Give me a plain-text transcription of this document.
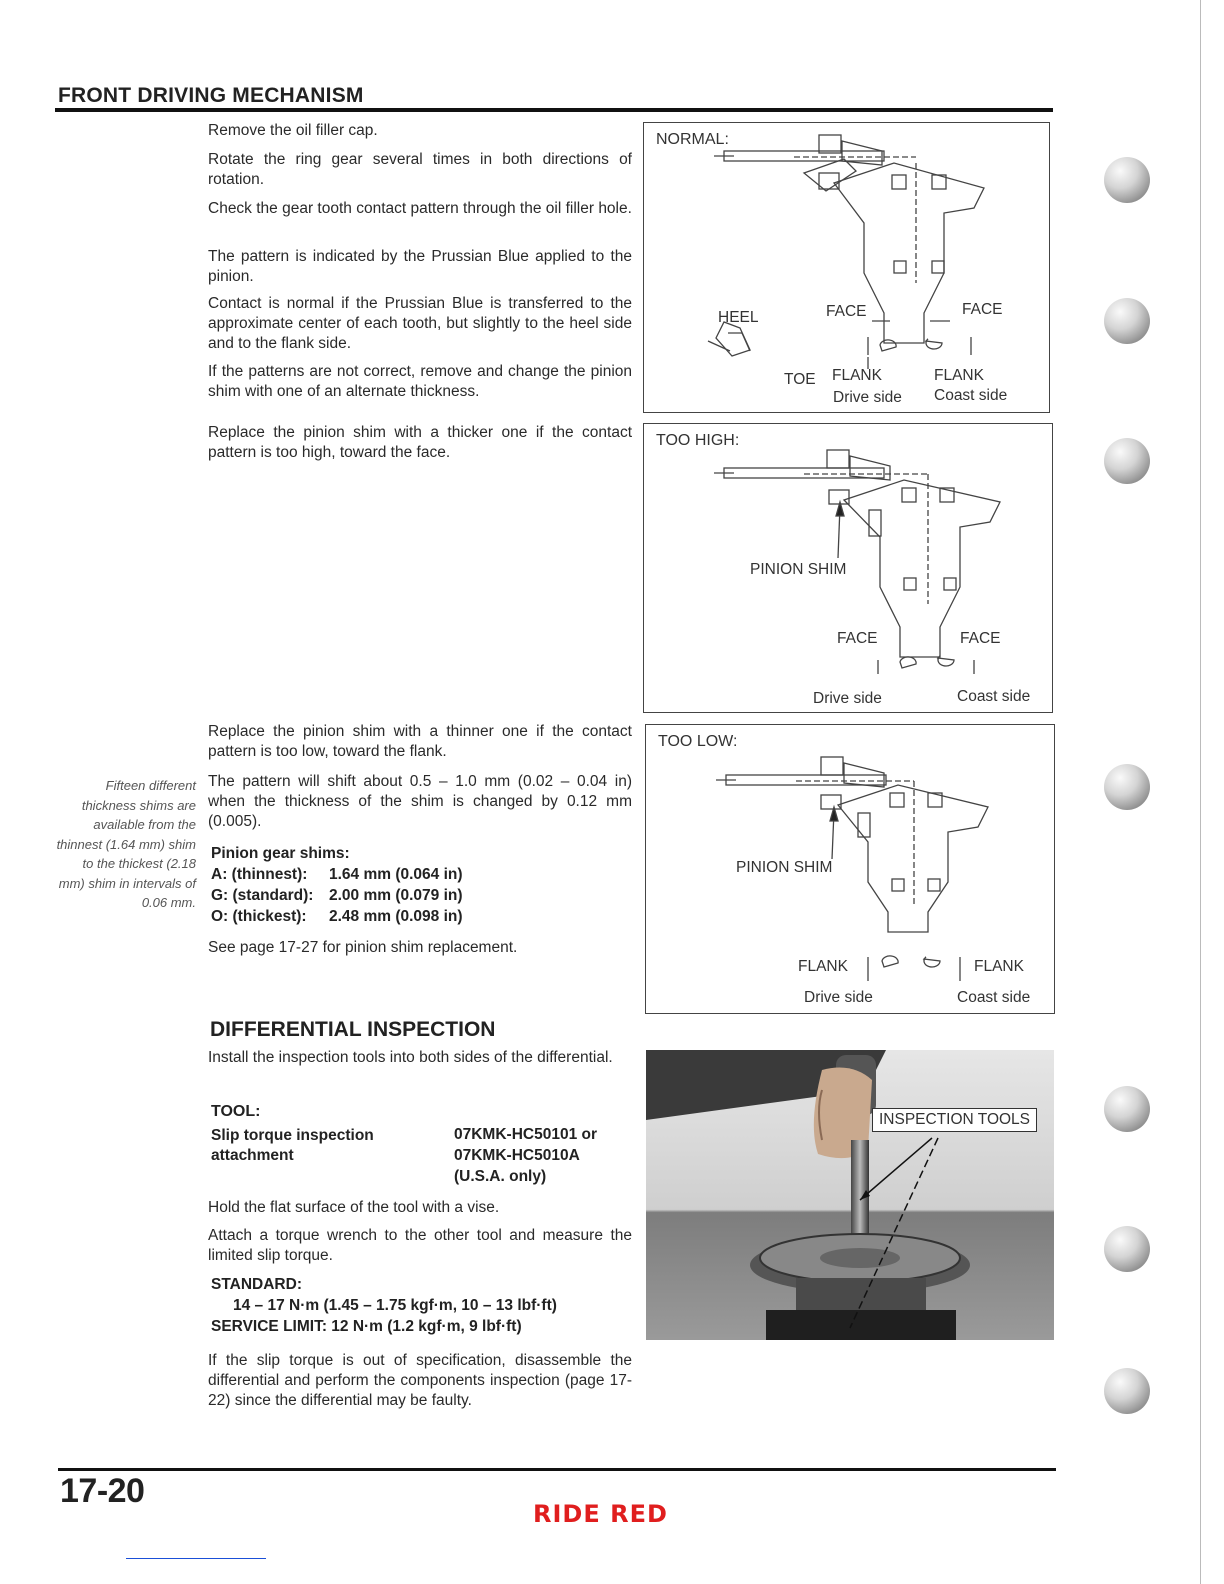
FRONT DRIVING MECHANISM

Remove the oil filler cap.

Rotate the ring gear several times in both directions of rotation.

Check the gear tooth contact pattern through the oil filler hole.

The pattern is indicated by the Prussian Blue applied to the pinion.

Contact is normal if the Prussian Blue is transferred to the approximate center of each tooth, but slightly to the heel side and to the flank side.

If the patterns are not correct, remove and change the pinion shim with one of an alternate thickness.

Replace the pinion shim with a thicker one if the contact pattern is too high, toward the face.

Replace the pinion shim with a thinner one if the contact pattern is too low, toward the flank.

The pattern will shift about 0.5 – 1.0 mm (0.02 – 0.04 in) when the thickness of the shim is changed by 0.12 mm (0.005).

Fifteen different thickness shims are available from the thinnest (1.64 mm) shim to the thickest (2.18 mm) shim in intervals of 0.06 mm.
Pinion gear shims:
A: (thinnest): 1.64 mm (0.064 in)
G: (standard): 2.00 mm (0.079 in)
O: (thickest): 2.48 mm (0.098 in)

See page 17-27 for pinion shim replacement.

DIFFERENTIAL INSPECTION

Install the inspection tools into both sides of the differential.

TOOL:
Slip torque inspection attachment
07KMK-HC50101 or
07KMK-HC5010A
(U.S.A. only)

Hold the flat surface of the tool with a vise.

Attach a torque wrench to the other tool and measure the limited slip torque.

STANDARD:
14 – 17 N·m (1.45 – 1.75 kgf·m, 10 – 13 lbf·ft)
SERVICE LIMIT: 12 N·m (1.2 kgf·m, 9 lbf·ft)

If the slip torque is out of specification, disassemble the differential and perform the components inspection (page 17-22) since the differential may be faulty.

NORMAL:
HEEL	FACE	FACE
TOE FLANK	FLANK
Drive side Coast side
TOO HIGH:
PINION SHIM
FACE	FACE
Drive side	Coast side
TOO LOW:
PINION SHIM
FLANK	FLANK
Drive side	Coast side
INSPECTION TOOLS
17-20
RIDE RED
